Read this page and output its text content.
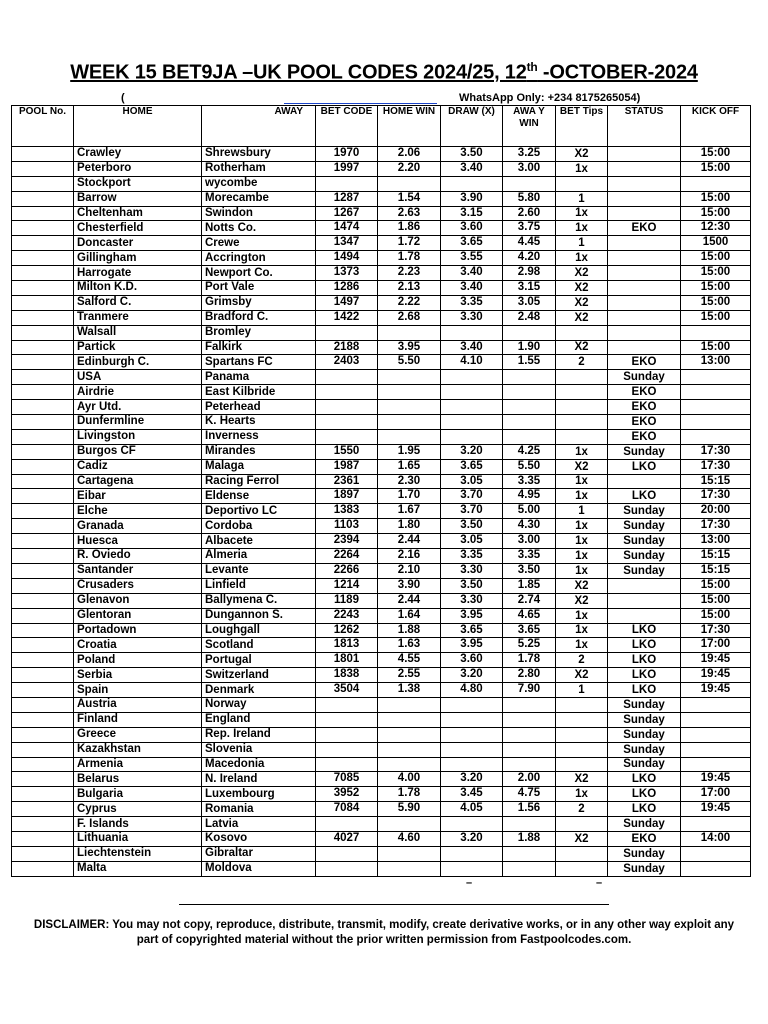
WEEK 15 BET9JA –UK POOL CODES 2024/25, 12th -OCTOBER-2024
(	WhatsApp Only: +234 8175265054)
POOL No.	HOME	AWAY	BET CODE	HOME WIN	DRAW (X)	AWA Y WIN	BET Tips	STATUS	KICK OFF
	Crawley	Shrewsbury	1970	2.06	3.50	3.25	X2		15:00
	Peterboro	Rotherham	1997	2.20	3.40	3.00	1x		15:00
	Stockport	wycombe							
	Barrow	Morecambe	1287	1.54	3.90	5.80	1		15:00
	Cheltenham	Swindon	1267	2.63	3.15	2.60	1x		15:00
	Chesterfield	Notts Co.	1474	1.86	3.60	3.75	1x	EKO	12:30
	Doncaster	Crewe	1347	1.72	3.65	4.45	1		1500
	Gillingham	Accrington	1494	1.78	3.55	4.20	1x		15:00
	Harrogate	Newport Co.	1373	2.23	3.40	2.98	X2		15:00
	Milton K.D.	Port Vale	1286	2.13	3.40	3.15	X2		15:00
	Salford C.	Grimsby	1497	2.22	3.35	3.05	X2		15:00
	Tranmere	Bradford C.	1422	2.68	3.30	2.48	X2		15:00
	Walsall	Bromley							
	Partick	Falkirk	2188	3.95	3.40	1.90	X2		15:00
	Edinburgh C.	Spartans FC	2403	5.50	4.10	1.55	2	EKO	13:00
	USA	Panama						Sunday	
	Airdrie	East Kilbride						EKO	
	Ayr Utd.	Peterhead						EKO	
	Dunfermline	K. Hearts						EKO	
	Livingston	Inverness						EKO	
	Burgos CF	Mirandes	1550	1.95	3.20	4.25	1x	Sunday	17:30
	Cadiz	Malaga	1987	1.65	3.65	5.50	X2	LKO	17:30
	Cartagena	Racing Ferrol	2361	2.30	3.05	3.35	1x		15:15
	Eibar	Eldense	1897	1.70	3.70	4.95	1x	LKO	17:30
	Elche	Deportivo LC	1383	1.67	3.70	5.00	1	Sunday	20:00
	Granada	Cordoba	1103	1.80	3.50	4.30	1x	Sunday	17:30
	Huesca	Albacete	2394	2.44	3.05	3.00	1x	Sunday	13:00
	R. Oviedo	Almeria	2264	2.16	3.35	3.35	1x	Sunday	15:15
	Santander	Levante	2266	2.10	3.30	3.50	1x	Sunday	15:15
	Crusaders	Linfield	1214	3.90	3.50	1.85	X2		15:00
	Glenavon	Ballymena C.	1189	2.44	3.30	2.74	X2		15:00
	Glentoran	Dungannon S.	2243	1.64	3.95	4.65	1x		15:00
	Portadown	Loughgall	1262	1.88	3.65	3.65	1x	LKO	17:30
	Croatia	Scotland	1813	1.63	3.95	5.25	1x	LKO	17:00
	Poland	Portugal	1801	4.55	3.60	1.78	2	LKO	19:45
	Serbia	Switzerland	1838	2.55	3.20	2.80	X2	LKO	19:45
	Spain	Denmark	3504	1.38	4.80	7.90	1	LKO	19:45
	Austria	Norway						Sunday	
	Finland	England						Sunday	
	Greece	Rep. Ireland						Sunday	
	Kazakhstan	Slovenia						Sunday	
	Armenia	Macedonia						Sunday	
	Belarus	N. Ireland	7085	4.00	3.20	2.00	X2	LKO	19:45
	Bulgaria	Luxembourg	3952	1.78	3.45	4.75	1x	LKO	17:00
	Cyprus	Romania	7084	5.90	4.05	1.56	2	LKO	19:45
	F. Islands	Latvia						Sunday	
	Lithuania	Kosovo	4027	4.60	3.20	1.88	X2	EKO	14:00
	Liechtenstein	Gibraltar						Sunday	
	Malta	Moldova						Sunday	
–	–
DISCLAIMER: You may not copy, reproduce, distribute, transmit, modify, create derivative works, or in any other way exploit any part of copyrighted material without the prior written permission from Fastpoolcodes.com.
